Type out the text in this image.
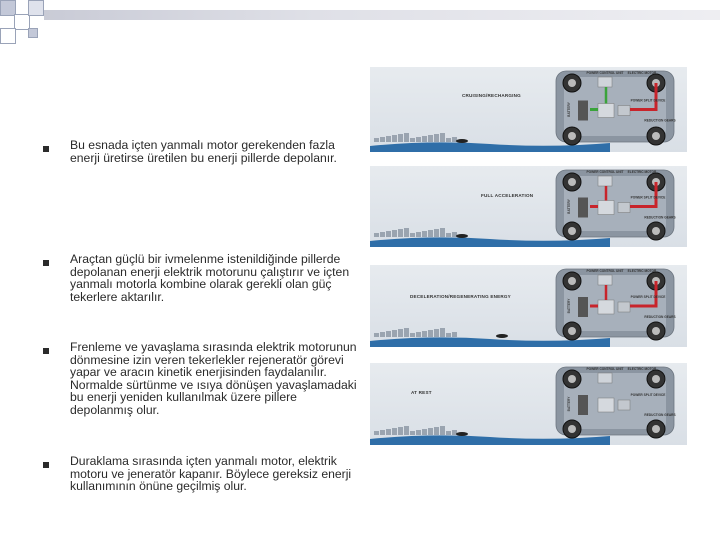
Bu esnada içten yanmalı motor gerekenden fazla enerji üretirse üretilen bu enerji pillerde depolanır.
Araçtan güçlü bir ivmelenme istenildiğinde pillerde depolanan enerji elektrik motorunu çalıştırır ve içten yanmalı motorla kombine olarak gerekli olan güç tekerlere aktarılır.
Frenleme ve yavaşlama sırasında elektrik motorunun dönmesine izin veren tekerlekler rejeneratör görevi yapar ve aracın kinetik enerjisinden faydalanılır. Normalde sürtünme ve ısıya dönüşen yavaşlamadaki bu enerji yeniden kullanılmak üzere pillere depolanmış olur.
Duraklama sırasında içten yanmalı motor, elektrik motoru ve jeneratör kapanır. Böylece gereksiz enerji kullanımının önüne geçilmiş olur.
POWER CONTROL UNIT ELECTRIC MOTOR
POWER SPLIT DEVICE
REDUCTION GEARS
BATTERY
CRUISING/RECHARGING
POWER CONTROL UNIT ELECTRIC MOTOR
POWER SPLIT DEVICE
REDUCTION GEARS
BATTERY
FULL ACCELERATION
POWER CONTROL UNIT ELECTRIC MOTOR
POWER SPLIT DEVICE
REDUCTION GEARS
BATTERY
DECELERATION/REGENERATING ENERGY
POWER CONTROL UNIT ELECTRIC MOTOR
POWER SPLIT DEVICE
REDUCTION GEARS
BATTERY
AT REST
